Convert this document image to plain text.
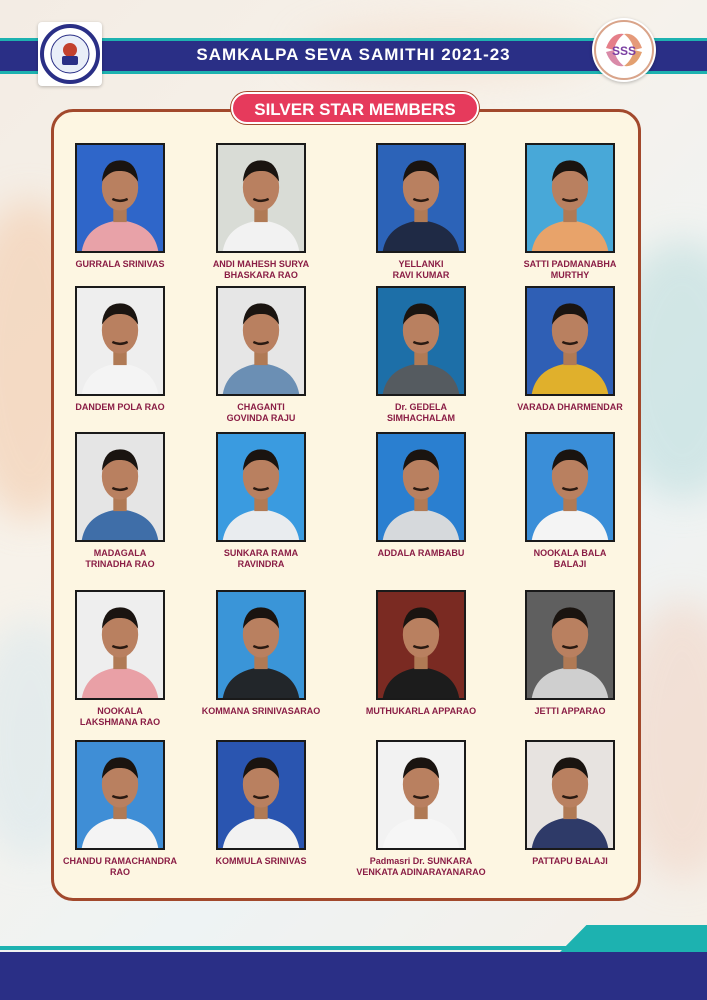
SAMKALPA SEVA SAMITHI 2021-23	SSS
SILVER STAR MEMBERS
GURRALA SRINIVAS	ANDI MAHESH SURYA
BHASKARA RAO
YELLANKI
RAVI KUMAR
SATTI PADMANABHA
MURTHY
DANDEM POLA RAO	CHAGANTI
GOVINDA RAJU
Dr. GEDELA
SIMHACHALAM
VARADA DHARMENDAR
MADAGALA
TRINADHA RAO
SUNKARA RAMA
RAVINDRA
ADDALA RAMBABU	NOOKALA BALA
BALAJI
NOOKALA
LAKSHMANA RAO
KOMMANA SRINIVASARAO	MUTHUKARLA APPARAO	JETTI APPARAO
CHANDU RAMACHANDRA
RAO
KOMMULA SRINIVAS	Padmasri Dr. SUNKARA
VENKATA ADINARAYANARAO
PATTAPU BALAJI
